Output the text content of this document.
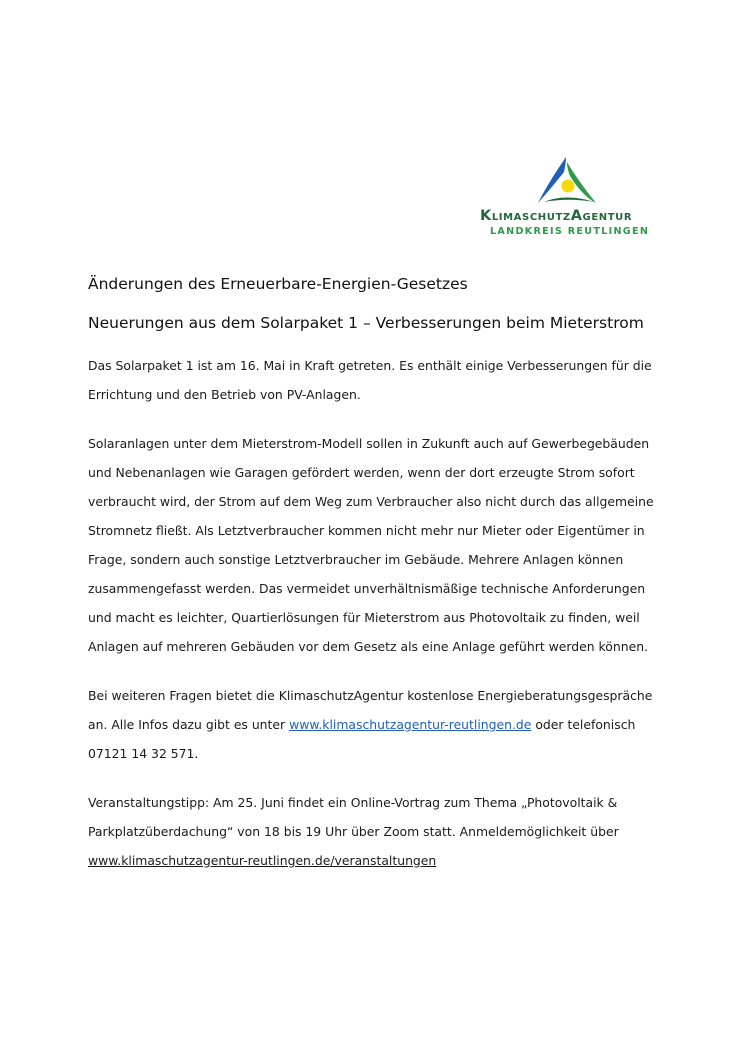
KlimaschutzAgentur
LANDKREIS REUTLINGEN
Änderungen des Erneuerbare-Energien-Gesetzes
Neuerungen aus dem Solarpaket 1 – Verbesserungen beim Mieterstrom

Das Solarpaket 1 ist am 16. Mai in Kraft getreten. Es enthält einige Verbesserungen für die Errichtung und den Betrieb von PV-Anlagen.

Solaranlagen unter dem Mieterstrom-Modell sollen in Zukunft auch auf Gewerbegebäuden und Nebenanlagen wie Garagen gefördert werden, wenn der dort erzeugte Strom sofort verbraucht wird, der Strom auf dem Weg zum Verbraucher also nicht durch das allgemeine Stromnetz fließt. Als Letztverbraucher kommen nicht mehr nur Mieter oder Eigentümer in Frage, sondern auch sonstige Letztverbraucher im Gebäude. Mehrere Anlagen können zusammengefasst werden. Das vermeidet unverhältnismäßige technische Anforderungen und macht es leichter, Quartierlösungen für Mieterstrom aus Photovoltaik zu finden, weil Anlagen auf mehreren Gebäuden vor dem Gesetz als eine Anlage geführt werden können.

Bei weiteren Fragen bietet die KlimaschutzAgentur kostenlose Energieberatungsgespräche an. Alle Infos dazu gibt es unter www.klimaschutzagentur-reutlingen.de oder telefonisch 07121 14 32 571.

Veranstaltungstipp: Am 25. Juni findet ein Online-Vortrag zum Thema „Photovoltaik & Parkplatzüberdachung“ von 18 bis 19 Uhr über Zoom statt. Anmeldemöglichkeit über www.klimaschutzagentur-reutlingen.de/veranstaltungen
